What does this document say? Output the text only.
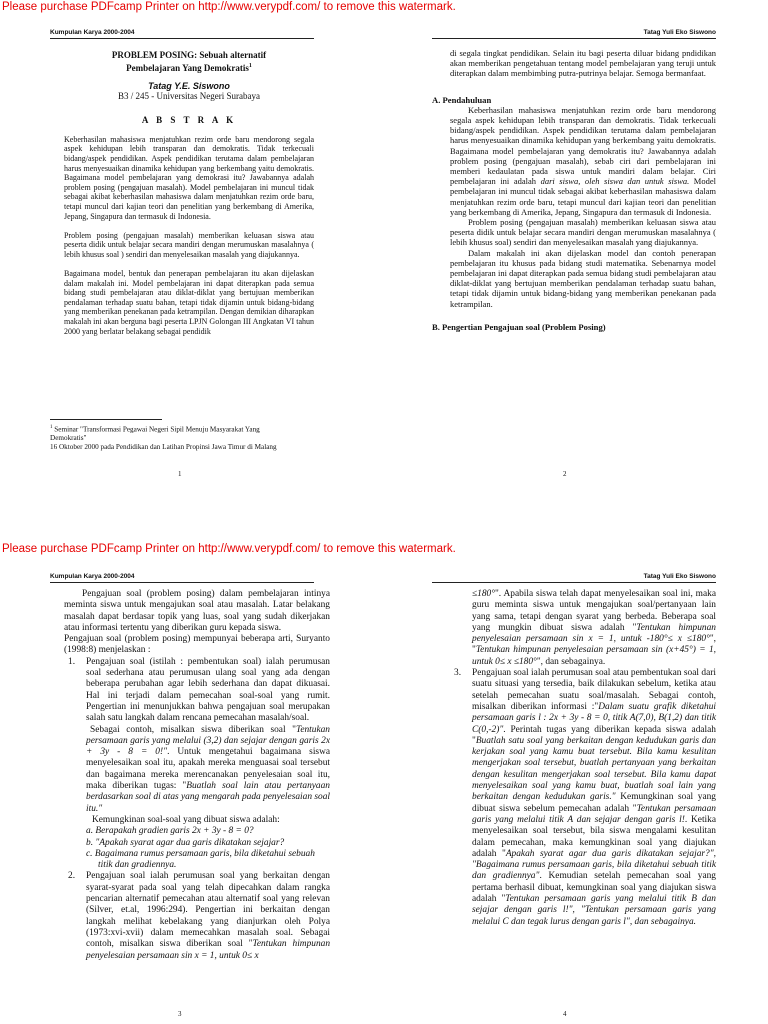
Please purchase PDFcamp Printer on http://www.verypdf.com/ to remove this watermark.
Kumpulan Karya 2000-2004	Tatag Yuli Eko Siswono

PROBLEM POSING: Sebuah alternatif
Pembelajaran Yang Demokratis$^1$

Tatag Y.E. Siswono

B3 / 245 - Universitas Negeri Surabaya

A B S T R A K

Keberhasilan mahasiswa menjatuhkan rezim orde baru mendorong segala aspek kehidupan lebih transparan dan demokratis. Tidak terkecuali bidang/aspek pendidikan. Aspek pendidikan terutama dalam pembelajaran harus menyesuaikan dinamika kehidupan yang berkembang yaitu demokratis. Bagaimana model pembelajaran yang demokrasi itu? Jawabannya adalah problem posing (pengajuan masalah). Model pembelajaran ini muncul tidak sebagai akibat keberhasilan mahasiswa dalam menjatuhkan rezim orde baru, tetapi muncul dari kajian teori dan penelitian yang berkembang di Amerika, Jepang, Singapura dan termasuk di Indonesia.

Problem posing (pengajuan masalah) memberikan keluasan siswa atau peserta didik untuk belajar secara mandiri dengan merumuskan masalahnya ( lebih khusus soal ) sendiri dan menyelesaikan masalah yang diajukannya.

Bagaimana model, bentuk dan penerapan pembelajaran itu akan dijelaskan dalam makalah ini. Model pembelajaran ini dapat diterapkan pada semua bidang studi pembelajaran atau diklat-diklat yang bertujuan memberikan pendalaman terhadap suatu bahan, tetapi tidak dijamin untuk bidang-bidang yang memberikan penekanan pada ketrampilan. Dengan demikian diharapkan makalah ini akan berguna bagi peserta LPJN Golongan III Angkatan VI tahun 2000 yang berlatar belakang sebagai pendidik

$^1$ Seminar "Transformasi Pegawai Negeri Sipil Menuju Masyarakat Yang
Demokratis"
16 Oktober 2000 pada Pendidikan dan Latihan Propinsi Jawa Timur di Malang
1

di segala tingkat pendidikan. Selain itu bagi peserta diluar bidang pndidikan akan memberikan pengetahuan tentang model pembelajaran yang teruji untuk diterapkan dalam membimbing putra-putrinya belajar. Semoga bermanfaat.

A. Pendahuluan

Keberhasilan mahasiswa menjatuhkan rezim orde baru mendorong segala aspek kehidupan lebih transparan dan demokratis. Tidak terkecuali bidang/aspek pendidikan. Aspek pendidikan terutama dalam pembelajaran harus menyesuaikan dinamika kehidupan yang berkembang yaitu demokratis. Bagaimana model pembelajaran yang demokratis itu? Jawabannya adalah problem posing (pengajuan masalah), sebab ciri dari pembelajaran ini memberi kedaulatan pada siswa untuk mandiri dalam belajar. Ciri pembelajaran ini adalah dari siswa, oleh siswa dan untuk siswa. Model pembelajaran ini muncul tidak sebagai akibat keberhasilan mahasiswa dalam menjatuhkan rezim orde baru, tetapi muncul dari kajian teori dan penelitian yang berkembang di Amerika, Jepang, Singapura dan termasuk di Indonesia.

Problem posing (pengajuan masalah) memberikan keluasan siswa atau peserta didik untuk belajar secara mandiri dengan merumuskan masalahnya ( lebih khusus soal) sendiri dan menyelesaikan masalah yang diajukannya.

Dalam makalah ini akan dijelaskan model dan contoh penerapan pembelajaran itu khusus pada bidang studi matematika. Sebenarnya model pembelajaran ini dapat diterapkan pada semua bidang studi pembelajaran atau diklat-diklat yang bertujuan memberikan pendalaman terhadap suatu bahan, tetapi tidak dijamin untuk bidang-bidang yang memberikan penekanan pada ketrampilan.

B. Pengertian Pengajuan soal (Problem Posing)

2
Please purchase PDFcamp Printer on http://www.verypdf.com/ to remove this watermark.
Kumpulan Karya 2000-2004	Tatag Yuli Eko Siswono

Pengajuan soal (problem posing) dalam pembelajaran intinya meminta siswa untuk mengajukan soal atau masalah. Latar belakang masalah dapat berdasar topik yang luas, soal yang sudah dikerjakan atau informasi tertentu yang diberikan guru kepada siswa.

Pengajuan soal (problem posing) mempunyai beberapa arti, Suryanto (1998:8) menjelaskan :

1. Pengajuan soal (istilah : pembentukan soal) ialah perumusan soal sederhana atau perumusan ulang soal yang ada dengan beberapa perubahan agar lebih sederhana dan dapat dikuasai. Hal ini terjadi dalam pemecahan soal-soal yang rumit. Pengertian ini menunjukkan bahwa pengajuan soal merupakan salah satu langkah dalam rencana pemecahan masalah/soal.

Sebagai contoh, misalkan siswa diberikan soal "Tentukan persamaan garis yang melalui (3,2) dan sejajar dengan garis 2x + 3y - 8 = 0!". Untuk mengetahui bagaimana siswa menyelesaikan soal itu, apakah mereka menguasai soal tersebut dan bagaimana mereka merencanakan penyelesaian soal itu, maka diberikan tugas: "Buatlah soal lain atau pertanyaan berdasarkan soal di atas yang mengarah pada penyelesaian soal itu."

Kemungkinan soal-soal yang dibuat siswa adalah:

a. Berapakah gradien garis 2x + 3y - 8 = 0?

b. "Apakah syarat agar dua garis dikatakan sejajar?

c. Bagaimana rumus persamaan garis, bila diketahui sebuah

titik dan gradiennya.

2. Pengajuan soal ialah perumusan soal yang berkaitan dengan syarat-syarat pada soal yang telah dipecahkan dalam rangka pencarian alternatif pemecahan atau alternatif soal yang relevan (Silver, et.al, 1996:294). Pengertian ini berkaitan dengan langkah melihat kebelakang yang dianjurkan oleh Polya (1973:xvi-xvii) dalam memecahkan masalah soal. Sebagai contoh, misalkan siswa diberikan soal "Tentukan himpunan penyelesaian persamaan sin x = 1, untuk 0≤ x

3

≤180°". Apabila siswa telah dapat menyelesaikan soal ini, maka guru meminta siswa untuk mengajukan soal/pertanyaan lain yang sama, tetapi dengan syarat yang berbeda. Beberapa soal yang mungkin dibuat siswa adalah "Tentukan himpunan penyelesaian persamaan sin x = 1, untuk -180°≤ x ≤180°", "Tentukan himpunan penyelesaian persamaan sin (x+45°) = 1, untuk 0≤ x ≤180°", dan sebagainya.

3. Pengajuan soal ialah perumusan soal atau pembentukan soal dari suatu situasi yang tersedia, baik dilakukan sebelum, ketika atau setelah pemecahan suatu soal/masalah. Sebagai contoh, misalkan diberikan informasi :"Dalam suatu grafik diketahui persamaan garis l : 2x + 3y - 8 = 0, titik A(7,0), B(1,2) dan titik C(0,-2)". Perintah tugas yang diberikan kepada siswa adalah "Buatlah satu soal yang berkaitan dengan kedudukan garis dan kerjakan soal yang kamu buat tersebut. Bila kamu kesulitan mengerjakan soal tersebut, buatlah pertanyaan yang berkaitan dengan kesulitan mengerjakan soal tersebut. Bila kamu dapat menyelesaikan soal yang kamu buat, buatlah soal lain yang berkaitan dengan kedudukan garis." Kemungkinan soal yang dibuat siswa sebelum pemecahan adalah "Tentukan persamaan garis yang melalui titik A dan sejajar dengan garis l!. Ketika menyelesaikan soal tersebut, bila siswa mengalami kesulitan dalam pemecahan, maka kemungkinan soal yang diajukan adalah "Apakah syarat agar dua garis dikatakan sejajar?", "Bagaimana rumus persamaan garis, bila diketahui sebuah titik dan gradiennya". Kemudian setelah pemecahan soal yang pertama berhasil dibuat, kemungkinan soal yang diajukan siswa adalah "Tentukan persamaan garis yang melalui titik B dan sejajar dengan garis l!", "Tentukan persamaan garis yang melalui C dan tegak lurus dengan garis l", dan sebagainya.

4
